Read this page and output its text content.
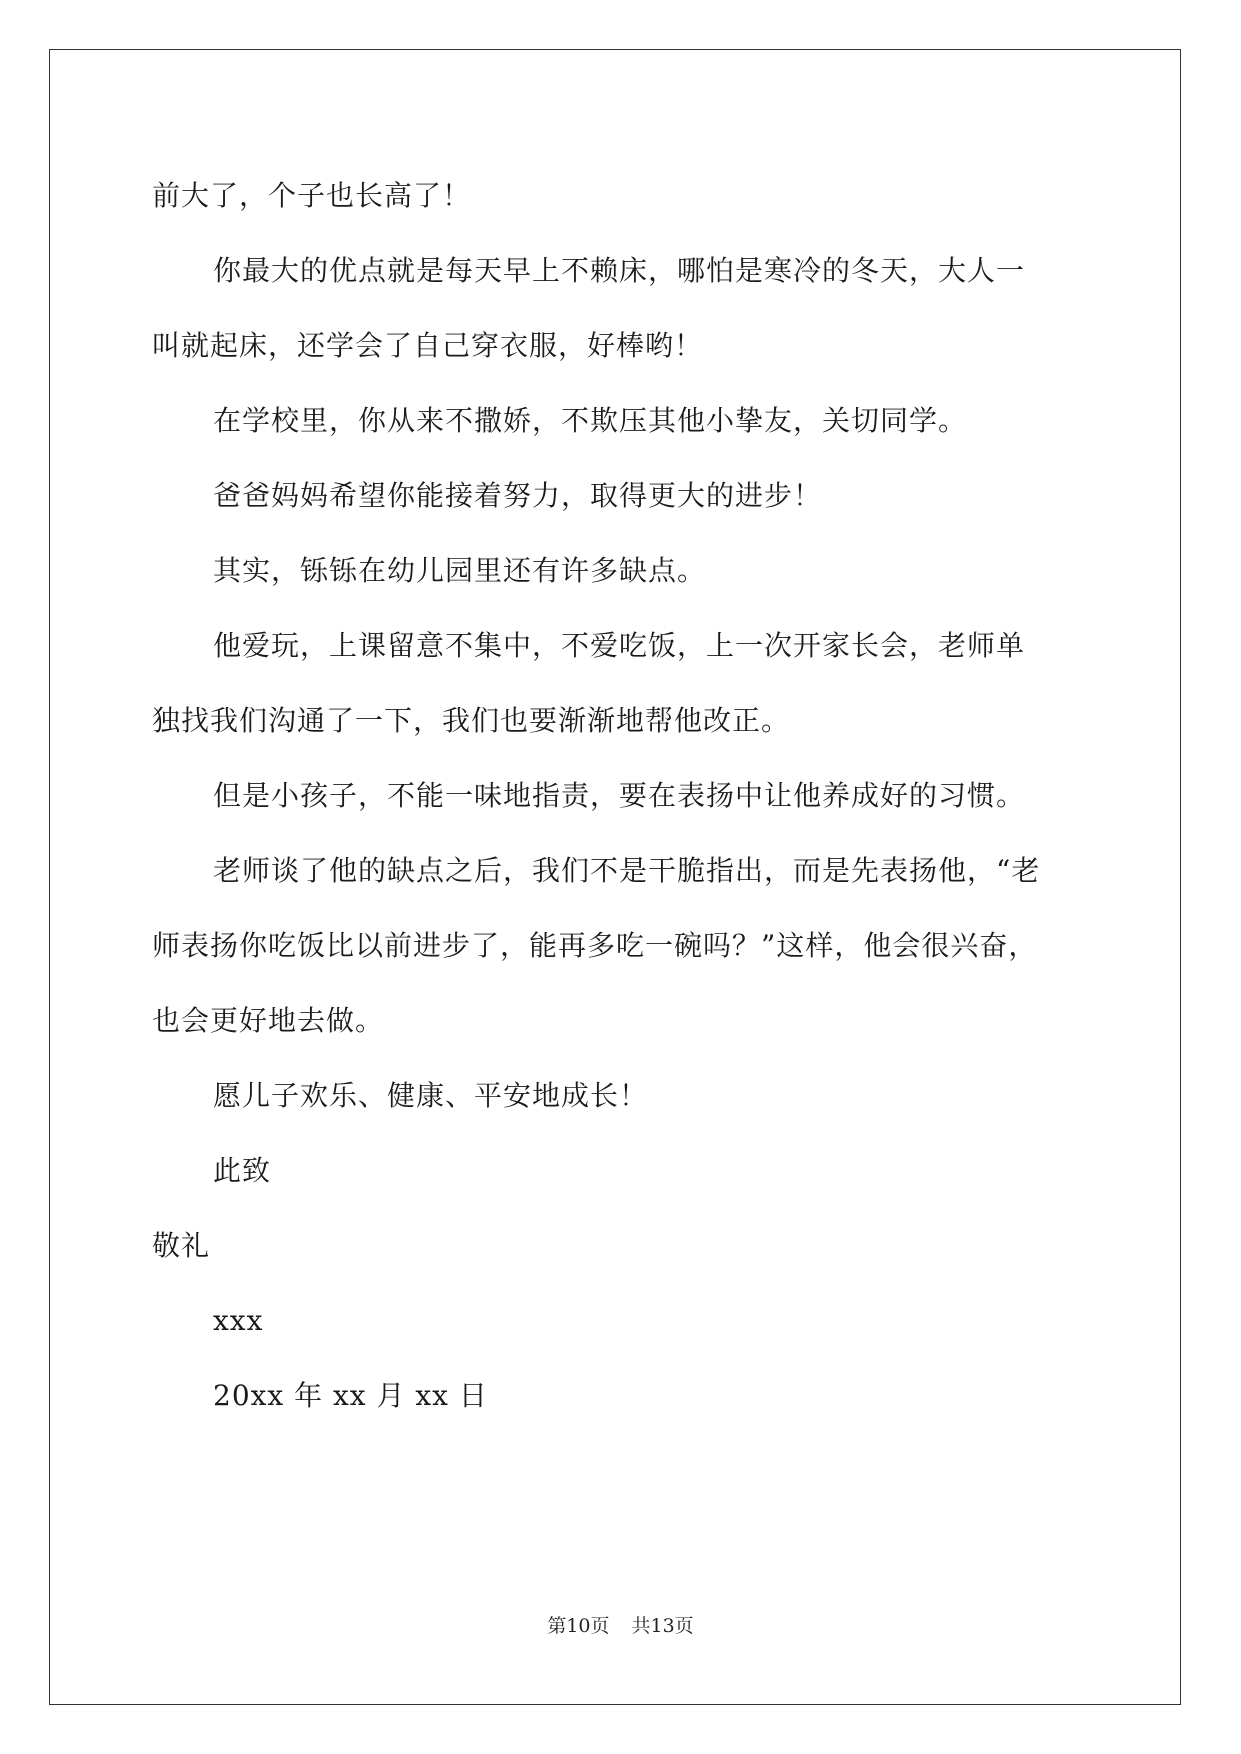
前大了，个子也长高了！
你最大的优点就是每天早上不赖床，哪怕是寒冷的冬天，大人一
叫就起床，还学会了自己穿衣服，好棒哟！
在学校里，你从来不撒娇，不欺压其他小挚友，关切同学。
爸爸妈妈希望你能接着努力，取得更大的进步！
其实，铄铄在幼儿园里还有许多缺点。
他爱玩，上课留意不集中，不爱吃饭，上一次开家长会，老师单
独找我们沟通了一下，我们也要渐渐地帮他改正。
但是小孩子，不能一味地指责，要在表扬中让他养成好的习惯。
老师谈了他的缺点之后，我们不是干脆指出，而是先表扬他，“老
师表扬你吃饭比以前进步了，能再多吃一碗吗？”这样，他会很兴奋，
也会更好地去做。
愿儿子欢乐、健康、平安地成长！
此致
敬礼
xxx
20xx 年 xx 月 xx 日
第10页 共13页
